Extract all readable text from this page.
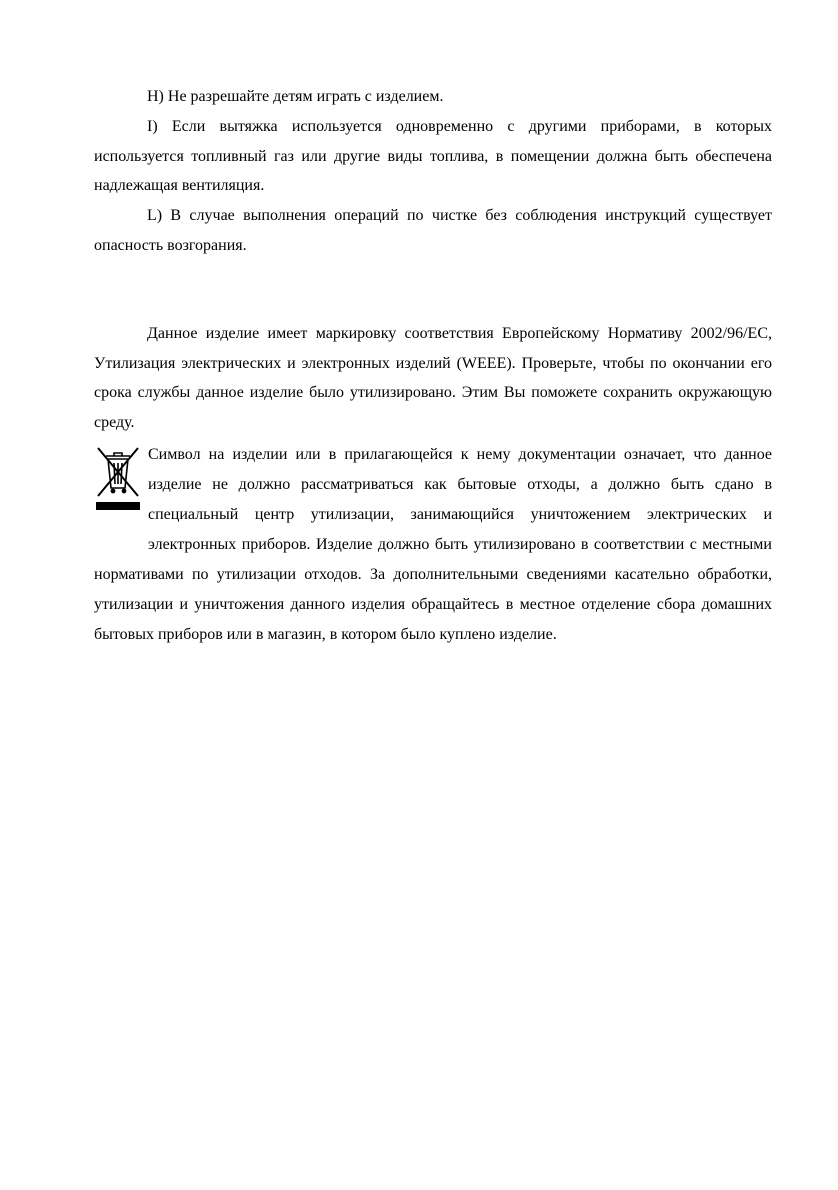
H) Не разрешайте детям играть с изделием.

I) Если вытяжка используется одновременно с другими приборами, в которых используется топливный газ или другие виды топлива, в помещении должна быть обеспечена надлежащая вентиляция.

L) В случае выполнения операций по чистке без соблюдения инструкций существует опасность возгорания.

Данное изделие имеет маркировку соответствия Европейскому Нормативу 2002/96/EC, Утилизация электрических и электронных изделий (WEEE). Проверьте, чтобы по окончании его срока службы данное изделие было утилизировано. Этим Вы поможете сохранить окружающую среду.

Символ на изделии или в прилагающейся к нему документации означает, что данное изделие не должно рассматриваться как бытовые отходы, а должно быть сдано в специальный центр утилизации, занимающийся уничтожением электрических и электронных приборов. Изделие должно быть утилизировано в соответствии с местными нормативами по утилизации отходов. За дополнительными сведениями касательно обработки, утилизации и уничтожения данного изделия обращайтесь в местное отделение сбора домашних бытовых приборов или в магазин, в котором было куплено изделие.
